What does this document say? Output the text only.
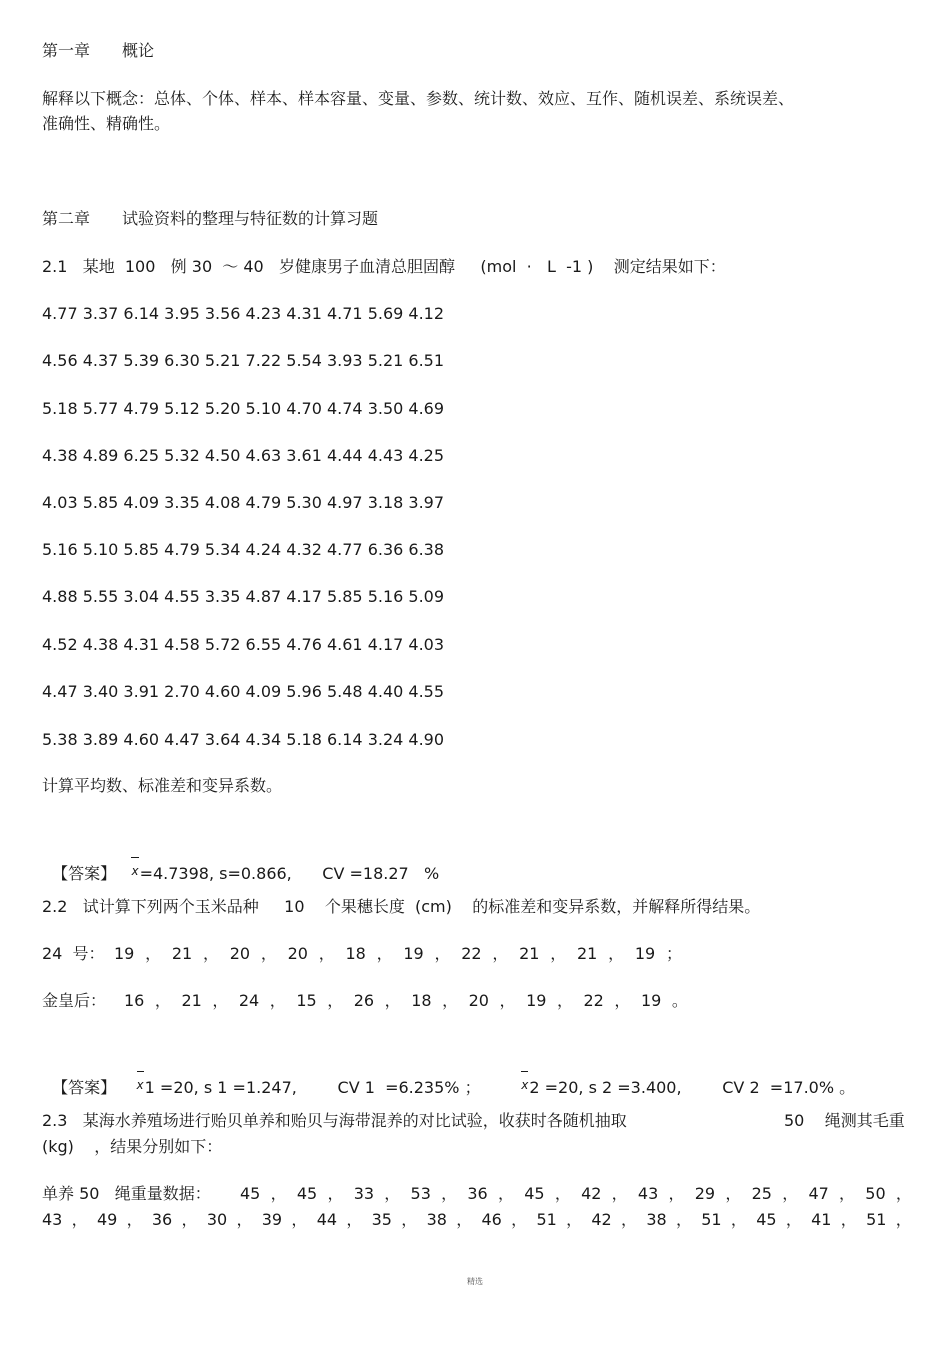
第一章　　概论
解释以下概念：总体、个体、样本、样本容量、变量、参数、统计数、效应、互作、随机误差、系统误差、
准确性、精确性。
第二章　　试验资料的整理与特征数的计算习题
2.1   某地  100   例 30  ～ 40   岁健康男子血清总胆固醇     (mol  ·   L  -1 )    测定结果如下：
4.77 3.37 6.14 3.95 3.56 4.23 4.31 4.71 5.69 4.12
4.56 4.37 5.39 6.30 5.21 7.22 5.54 3.93 5.21 6.51
5.18 5.77 4.79 5.12 5.20 5.10 4.70 4.74 3.50 4.69
4.38 4.89 6.25 5.32 4.50 4.63 3.61 4.44 4.43 4.25
4.03 5.85 4.09 3.35 4.08 4.79 5.30 4.97 3.18 3.97
5.16 5.10 5.85 4.79 5.34 4.24 4.32 4.77 6.36 6.38
4.88 5.55 3.04 4.55 3.35 4.87 4.17 5.85 5.16 5.09
4.52 4.38 4.31 4.58 5.72 6.55 4.76 4.61 4.17 4.03
4.47 3.40 3.91 2.70 4.60 4.09 5.96 5.48 4.40 4.55
5.38 3.89 4.60 4.47 3.64 4.34 5.18 6.14 3.24 4.90
计算平均数、标准差和变异系数。

【答案】 x=4.7398, s=0.866,      CV =18.27   %

2.2   试计算下列两个玉米品种     10    个果穗长度  (cm)    的标准差和变异系数，并解释所得结果。
24  号： 19 ， 21 ， 20 ， 20 ， 18 ， 19 ， 22 ， 21 ， 21 ， 19 ；
金皇后： 16 ， 21 ， 24 ， 15 ， 26 ， 18 ， 20 ， 19 ， 22 ， 19 。

【答案】 x1 =20, s 1 =1.247,        CV 1  =6.235% ；	x2 =20, s 2 =3.400,        CV 2  =17.0% 。

2.3   某海水养殖场进行贻贝单养和贻贝与海带混养的对比试验，收获时各随机抽取	50    绳测其毛重
(kg)    ，结果分别如下：
单养 50   绳重量数据： 45 ， 45 ， 33 ， 53 ， 36 ， 45 ， 42 ， 43 ， 29 ， 25 ， 47 ， 50 ，
43 ， 49 ， 36 ， 30 ， 39 ， 44 ， 35 ， 38 ， 46 ， 51 ， 42 ， 38 ， 51 ， 45 ， 41 ， 51 ，
精选
